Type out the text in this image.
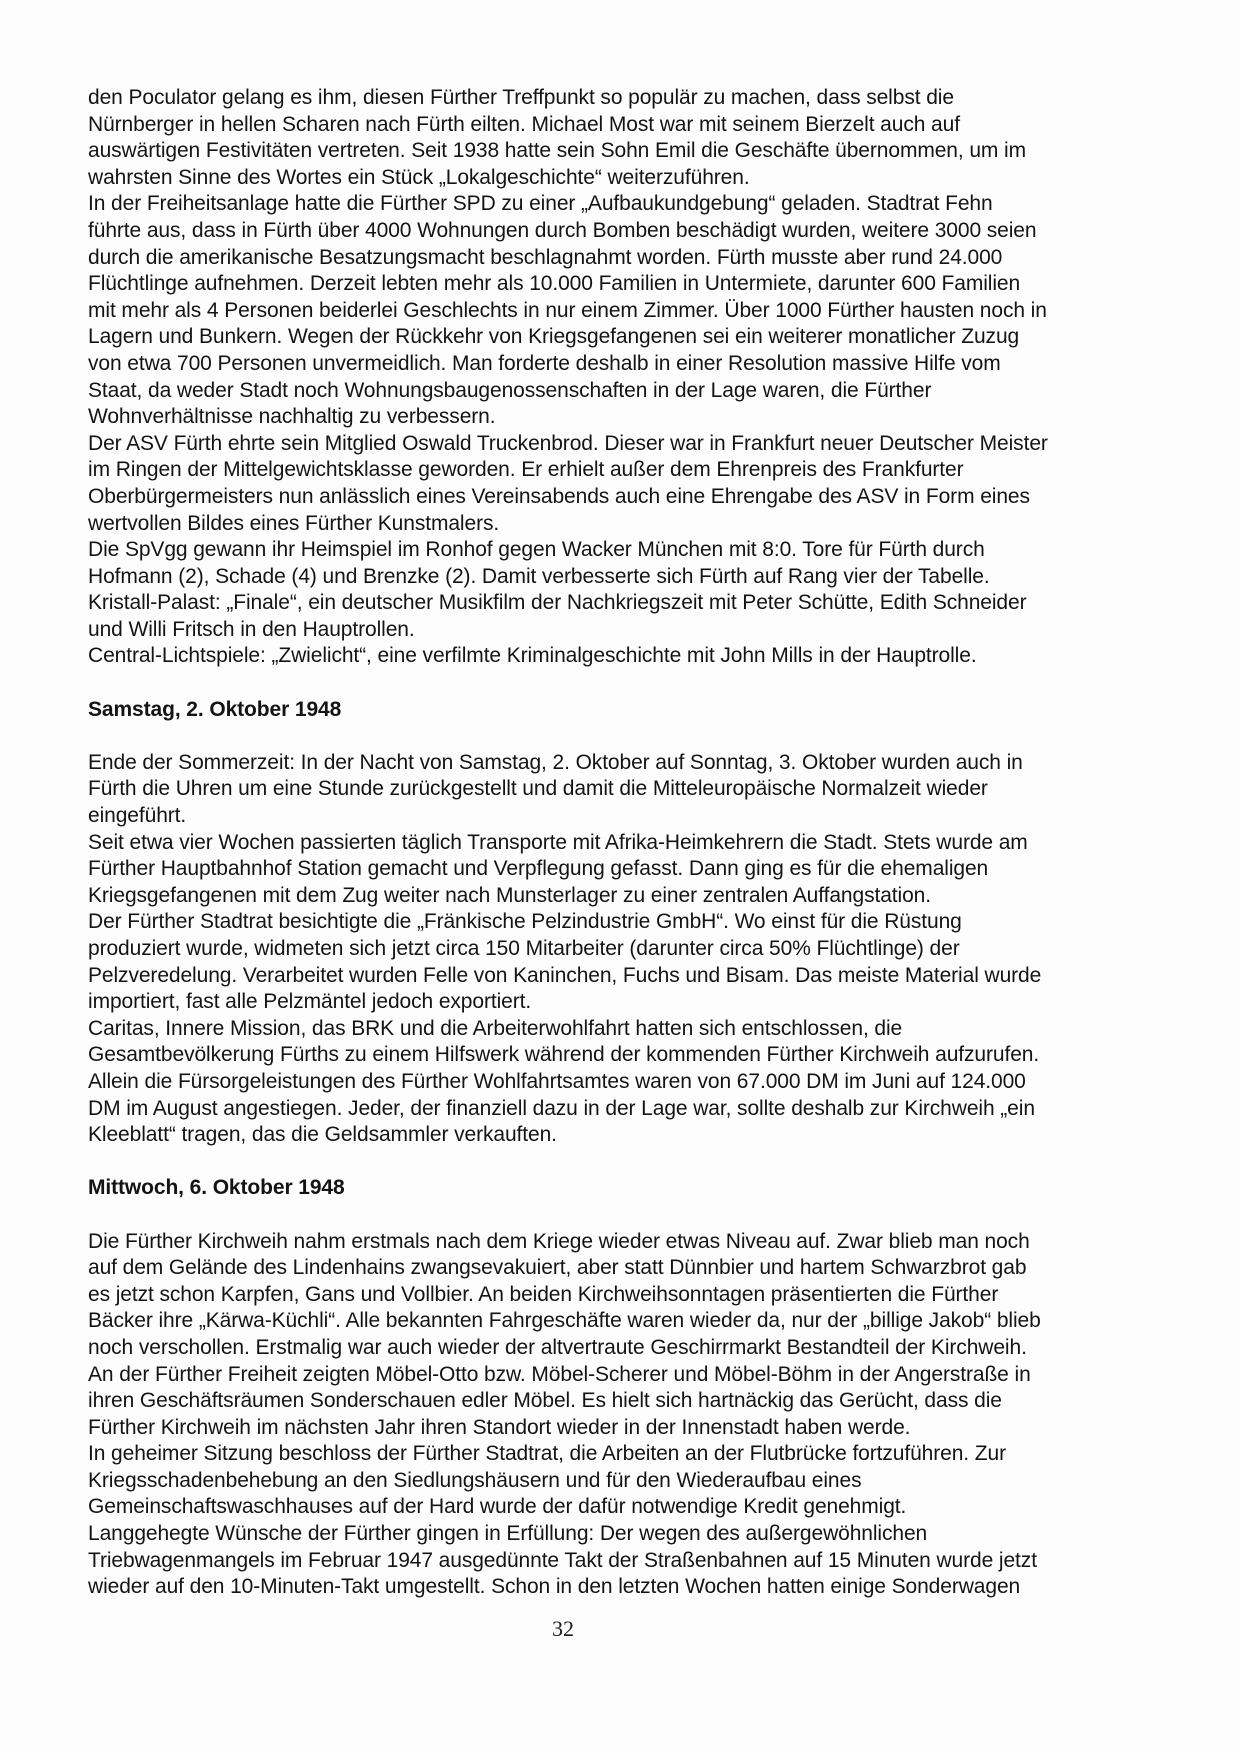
den Poculator gelang es ihm, diesen Fürther Treffpunkt so populär zu machen, dass selbst die
Nürnberger in hellen Scharen nach Fürth eilten. Michael Most war mit seinem Bierzelt auch auf
auswärtigen Festivitäten vertreten. Seit 1938 hatte sein Sohn Emil die Geschäfte übernommen, um im
wahrsten Sinne des Wortes ein Stück „Lokalgeschichte“ weiterzuführen.
In der Freiheitsanlage hatte die Fürther SPD zu einer „Aufbaukundgebung“ geladen. Stadtrat Fehn
führte aus, dass in Fürth über 4000 Wohnungen durch Bomben beschädigt wurden, weitere 3000 seien
durch die amerikanische Besatzungsmacht beschlagnahmt worden. Fürth musste aber rund 24.000
Flüchtlinge aufnehmen. Derzeit lebten mehr als 10.000 Familien in Untermiete, darunter 600 Familien
mit mehr als 4 Personen beiderlei Geschlechts in nur einem Zimmer. Über 1000 Fürther hausten noch in
Lagern und Bunkern. Wegen der Rückkehr von Kriegsgefangenen sei ein weiterer monatlicher Zuzug
von etwa 700 Personen unvermeidlich. Man forderte deshalb in einer Resolution massive Hilfe vom
Staat, da weder Stadt noch Wohnungsbaugenossenschaften in der Lage waren, die Fürther
Wohnverhältnisse nachhaltig zu verbessern.
Der ASV Fürth ehrte sein Mitglied Oswald Truckenbrod. Dieser war in Frankfurt neuer Deutscher Meister
im Ringen der Mittelgewichtsklasse geworden. Er erhielt außer dem Ehrenpreis des Frankfurter
Oberbürgermeisters nun anlässlich eines Vereinsabends auch eine Ehrengabe des ASV in Form eines
wertvollen Bildes eines Fürther Kunstmalers.
Die SpVgg gewann ihr Heimspiel im Ronhof gegen Wacker München mit 8:0. Tore für Fürth durch
Hofmann (2), Schade (4) und Brenzke (2). Damit verbesserte sich Fürth auf Rang vier der Tabelle.
Kristall-Palast: „Finale“, ein deutscher Musikfilm der Nachkriegszeit mit Peter Schütte, Edith Schneider
und Willi Fritsch in den Hauptrollen.
Central-Lichtspiele: „Zwielicht“, eine verfilmte Kriminalgeschichte mit John Mills in der Hauptrolle.
Samstag, 2. Oktober 1948
Ende der Sommerzeit: In der Nacht von Samstag, 2. Oktober auf Sonntag, 3. Oktober wurden auch in
Fürth die Uhren um eine Stunde zurückgestellt und damit die Mitteleuropäische Normalzeit wieder
eingeführt.
Seit etwa vier Wochen passierten täglich Transporte mit Afrika-Heimkehrern die Stadt. Stets wurde am
Fürther Hauptbahnhof Station gemacht und Verpflegung gefasst. Dann ging es für die ehemaligen
Kriegsgefangenen mit dem Zug weiter nach Munsterlager zu einer zentralen Auffangstation.
Der Fürther Stadtrat besichtigte die „Fränkische Pelzindustrie GmbH“. Wo einst für die Rüstung
produziert wurde, widmeten sich jetzt circa 150 Mitarbeiter (darunter circa 50% Flüchtlinge) der
Pelzveredelung. Verarbeitet wurden Felle von Kaninchen, Fuchs und Bisam. Das meiste Material wurde
importiert, fast alle Pelzmäntel jedoch exportiert.
Caritas, Innere Mission, das BRK und die Arbeiterwohlfahrt hatten sich entschlossen, die
Gesamtbevölkerung Fürths zu einem Hilfswerk während der kommenden Fürther Kirchweih aufzurufen.
Allein die Fürsorgeleistungen des Fürther Wohlfahrtsamtes waren von 67.000 DM im Juni auf 124.000
DM im August angestiegen. Jeder, der finanziell dazu in der Lage war, sollte deshalb zur Kirchweih „ein
Kleeblatt“ tragen, das die Geldsammler verkauften.
Mittwoch, 6. Oktober 1948
Die Fürther Kirchweih nahm erstmals nach dem Kriege wieder etwas Niveau auf. Zwar blieb man noch
auf dem Gelände des Lindenhains zwangsevakuiert, aber statt Dünnbier und hartem Schwarzbrot gab
es jetzt schon Karpfen, Gans und Vollbier. An beiden Kirchweihsonntagen präsentierten die Fürther
Bäcker ihre „Kärwa-Küchli“. Alle bekannten Fahrgeschäfte waren wieder da, nur der „billige Jakob“ blieb
noch verschollen. Erstmalig war auch wieder der altvertraute Geschirrmarkt Bestandteil der Kirchweih.
An der Fürther Freiheit zeigten Möbel-Otto bzw. Möbel-Scherer und Möbel-Böhm in der Angerstraße in
ihren Geschäftsräumen Sonderschauen edler Möbel. Es hielt sich hartnäckig das Gerücht, dass die
Fürther Kirchweih im nächsten Jahr ihren Standort wieder in der Innenstadt haben werde.
In geheimer Sitzung beschloss der Fürther Stadtrat, die Arbeiten an der Flutbrücke fortzuführen. Zur
Kriegsschadenbehebung an den Siedlungshäusern und für den Wiederaufbau eines
Gemeinschaftswaschhauses auf der Hard wurde der dafür notwendige Kredit genehmigt.
Langgehegte Wünsche der Fürther gingen in Erfüllung: Der wegen des außergewöhnlichen
Triebwagenmangels im Februar 1947 ausgedünnte Takt der Straßenbahnen auf 15 Minuten wurde jetzt
wieder auf den 10-Minuten-Takt umgestellt. Schon in den letzten Wochen hatten einige Sonderwagen
32
